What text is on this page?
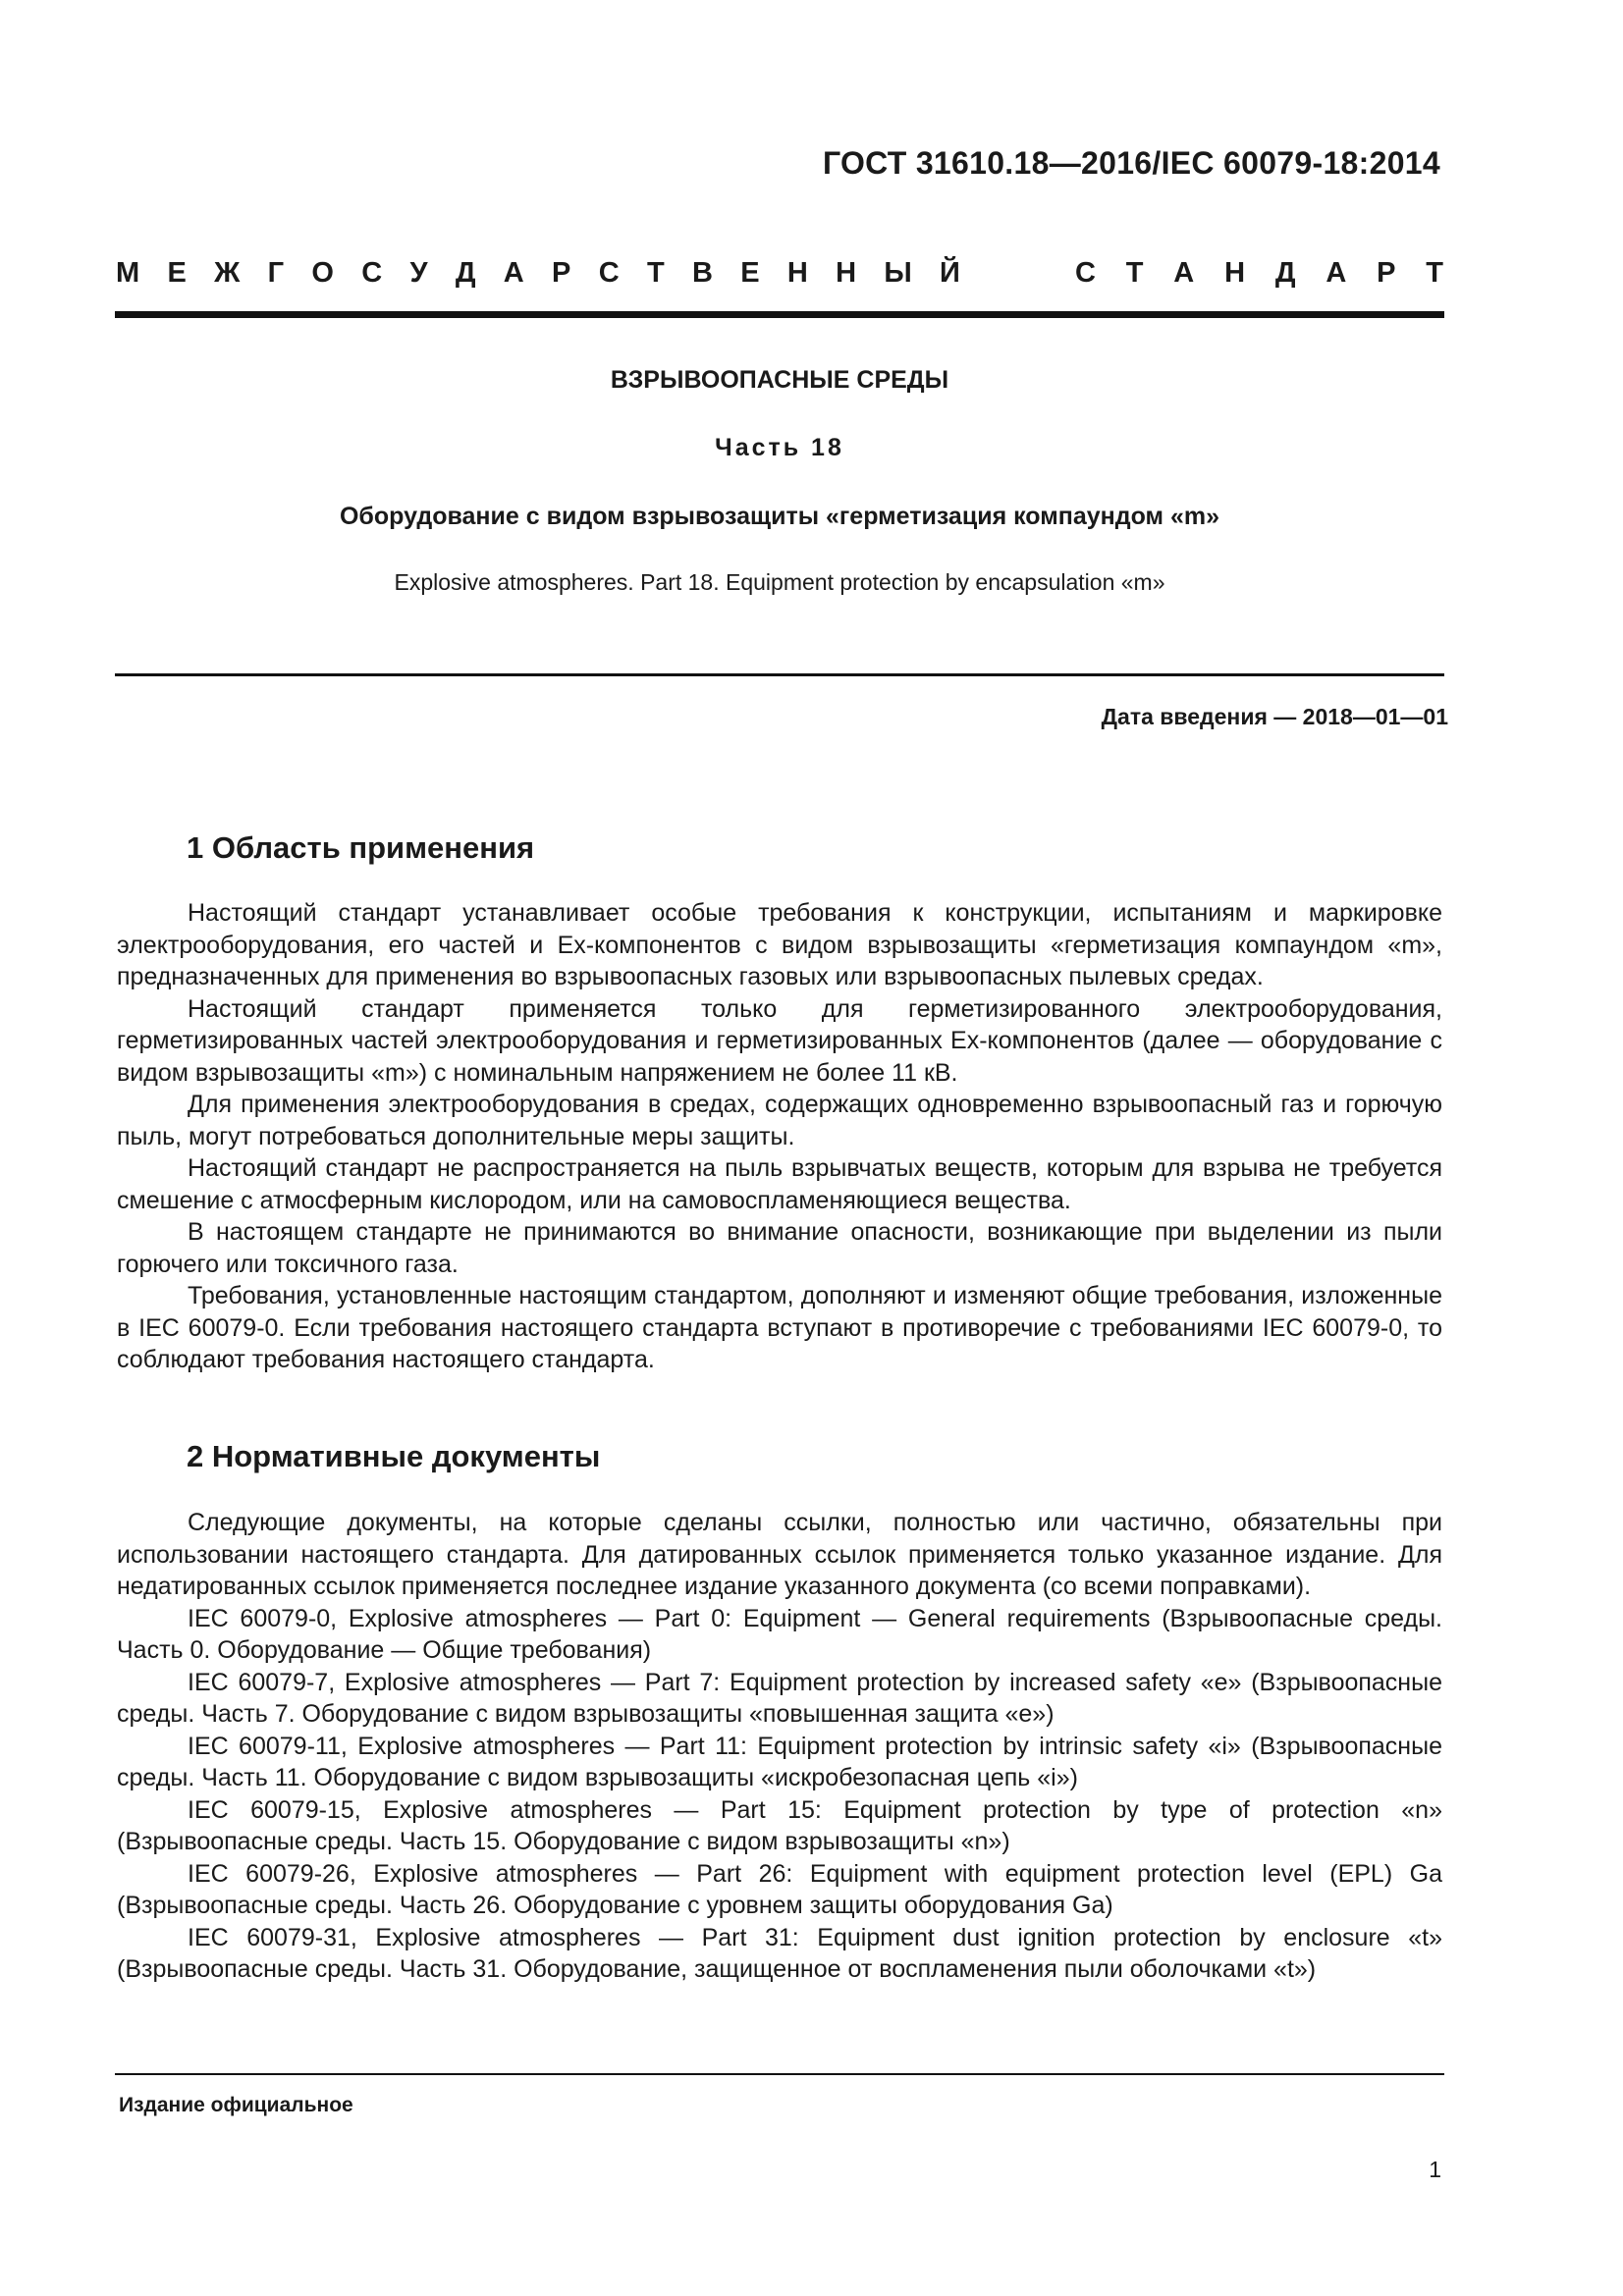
ГОСТ 31610.18—2016/IEC 60079-18:2014
М Е Ж Г О С У Д А Р С Т В Е Н Н Ы Й	С Т А Н Д А Р Т
ВЗРЫВООПАСНЫЕ СРЕДЫ
Часть 18
Оборудование с видом взрывозащиты «герметизация компаундом «m»
Explosive atmospheres. Part 18. Equipment protection by encapsulation «m»
Дата введения — 2018—01—01
1 Область применения

Настоящий стандарт устанавливает особые требования к конструкции, испытаниям и маркировке электрооборудования, его частей и Ex-компонентов с видом взрывозащиты «герметизация компаундом «m», предназначенных для применения во взрывоопасных газовых или взрывоопасных пылевых средах.

Настоящий стандарт применяется только для герметизированного электрооборудования, герметизированных частей электрооборудования и герметизированных Ex-компонентов (далее — оборудование с видом взрывозащиты «m») с номинальным напряжением не более 11 кВ.

Для применения электрооборудования в средах, содержащих одновременно взрывоопасный газ и горючую пыль, могут потребоваться дополнительные меры защиты.

Настоящий стандарт не распространяется на пыль взрывчатых веществ, которым для взрыва не требуется смешение с атмосферным кислородом, или на самовоспламеняющиеся вещества.

В настоящем стандарте не принимаются во внимание опасности, возникающие при выделении из пыли горючего или токсичного газа.

Требования, установленные настоящим стандартом, дополняют и изменяют общие требования, изложенные в IEC 60079-0. Если требования настоящего стандарта вступают в противоречие с требованиями IEC 60079-0, то соблюдают требования настоящего стандарта.

2 Нормативные документы

Следующие документы, на которые сделаны ссылки, полностью или частично, обязательны при использовании настоящего стандарта. Для датированных ссылок применяется только указанное издание. Для недатированных ссылок применяется последнее издание указанного документа (со всеми поправками).

IEC 60079-0, Explosive atmospheres — Part 0: Equipment — General requirements (Взрывоопасные среды. Часть 0. Оборудование — Общие требования)

IEC 60079-7, Explosive atmospheres — Part 7: Equipment protection by increased safety «e» (Взрывоопасные среды. Часть 7. Оборудование с видом взрывозащиты «повышенная защита «e»)

IEC 60079-11, Explosive atmospheres — Part 11: Equipment protection by intrinsic safety «i» (Взрывоопасные среды. Часть 11. Оборудование с видом взрывозащиты «искробезопасная цепь «i»)

IEC 60079-15, Explosive atmospheres — Part 15: Equipment protection by type of protection «n» (Взрывоопасные среды. Часть 15. Оборудование с видом взрывозащиты «n»)

IEC 60079-26, Explosive atmospheres — Part 26: Equipment with equipment protection level (EPL) Ga (Взрывоопасные среды. Часть 26. Оборудование с уровнем защиты оборудования Ga)

IEC 60079-31, Explosive atmospheres — Part 31: Equipment dust ignition protection by enclosure «t» (Взрывоопасные среды. Часть 31. Оборудование, защищенное от воспламенения пыли оболочками «t»)

Издание официальное
1
